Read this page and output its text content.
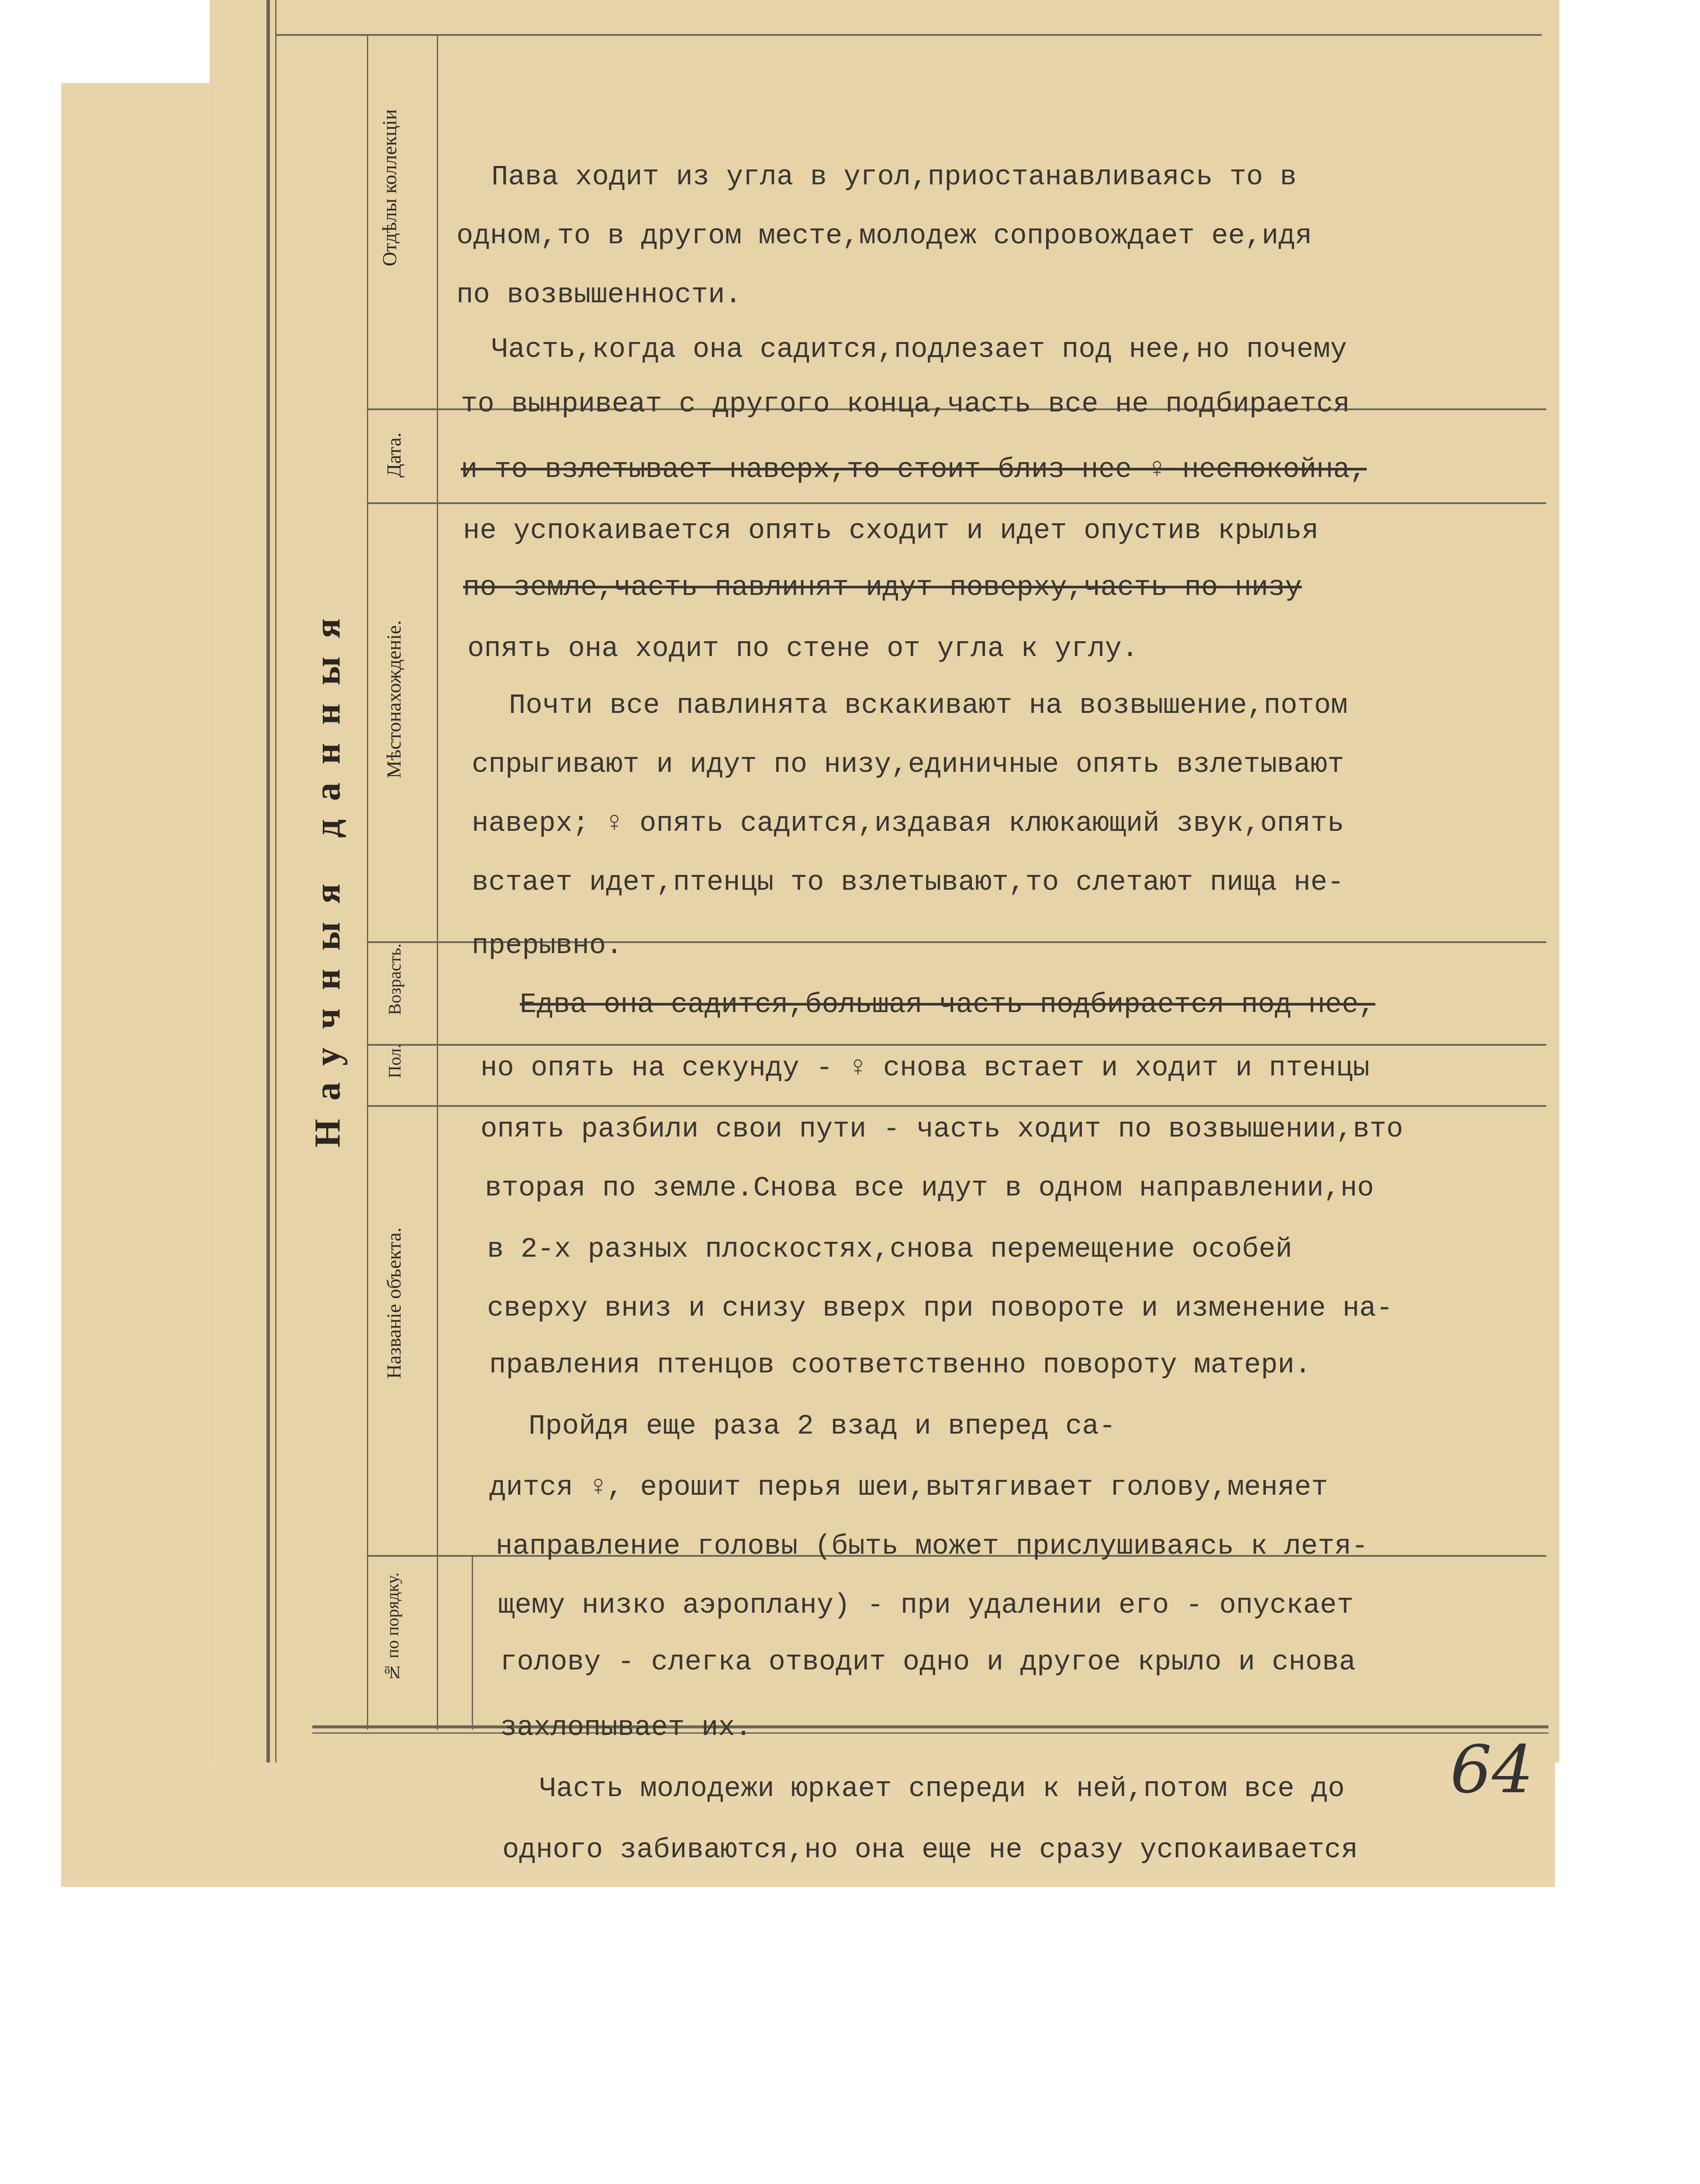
Отдѣлы коллекціи
Дата.
Мѣстонахожденіе.
Возрасть.
Пол.
Названіе объекта.
№ по порядку.
Научныя данныя
Пава ходит из угла в угол,приостанавливаясь то в
одном,то в другом месте,молодеж сопровождает ее,идя
по возвышенности.
Часть,когда она садится,подлезает под нее,но почему
то вынривеат с другого конца,часть все не подбирается
и то взлетывает наверх,то стоит близ нее ♀ неспокойна,
не успокаивается опять сходит и идет опустив крылья
по земле,часть павлинят идут поверху,часть по низу
опять она ходит по стене от угла к углу.
Почти все павлинята вскакивают на возвышение,потом
спрыгивают и идут по низу,единичные опять взлетывают
наверх; ♀ опять садится,издавая клюкающий звук,опять
встает идет,птенцы то взлетывают,то слетают пища не-
прерывно.
Едва она садится,большая часть подбирается под нее,
но опять на секунду - ♀ снова встает и ходит и птенцы
опять разбили свои пути - часть ходит по возвышении,вто
вторая по земле.Снова все идут в одном направлении,но
в 2-х разных плоскостях,снова перемещение особей
сверху вниз и снизу вверх при повороте и изменение на-
правления птенцов соответственно повороту матери.
Пройдя еще раза 2 взад и вперед са-
дится ♀, ерошит перья шеи,вытягивает голову,меняет
направление головы (быть может прислушиваясь к летя-
щему низко аэроплану) - при удалении его - опускает
голову - слегка отводит одно и другое крыло и снова
захлопывает их.
Часть молодежи юркает спереди к ней,потом все до
одного забиваются,но она еще не сразу успокаивается
64
